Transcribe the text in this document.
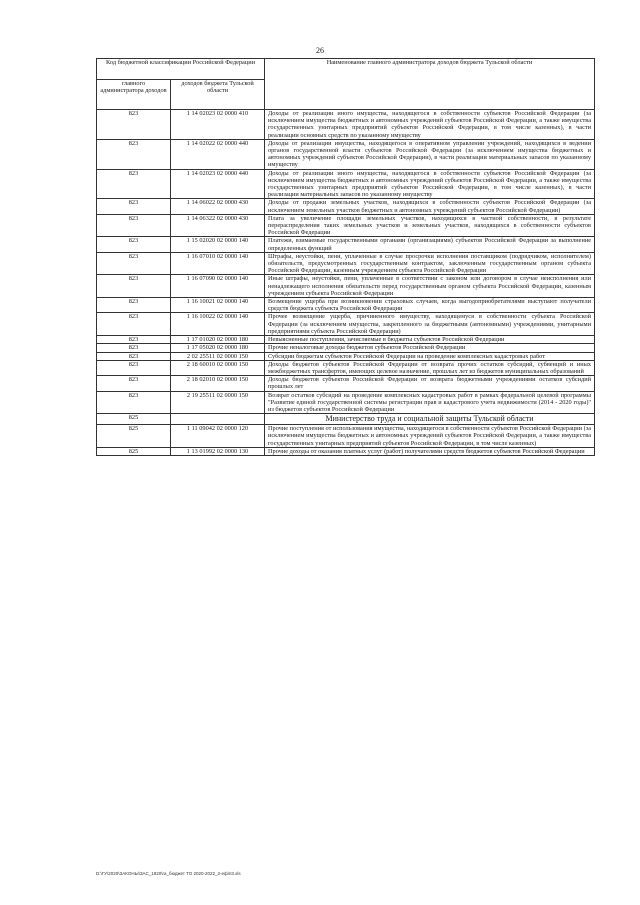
26
Код бюджетной классификации Российской Федерации		Наименование главного администратора доходов бюджета Тульской области
главного администратора доходов	доходов бюджета Тульской области	
823	1 14 02023 02 0000 410	Доходы от реализации иного имущества, находящегося в собственности субъектов Российской Федерации (за исключением имущества бюджетных и автономных учреждений субъектов Российской Федерации, а также имущества государственных унитарных предприятий субъектов Российской Федерации, в том числе казенных), в части реализации основных средств по указанному имуществу
823	1 14 02022 02 0000 440	Доходы от реализации имущества, находящегося в оперативном управлении учреждений, находящихся в ведении органов государственной власти субъектов Российской Федерации (за исключением имущества бюджетных и автономных учреждений субъектов Российской Федерации), в части реализации материальных запасов по указанному имуществу
823	1 14 02023 02 0000 440	Доходы от реализации иного имущества, находящегося в собственности субъектов Российской Федерации (за исключением имущества бюджетных и автономных учреждений субъектов Российской Федерации, а также имущества государственных унитарных предприятий субъектов Российской Федерации, в том числе казенных), в части реализации материальных запасов по указанному имуществу
823	1 14 06022 02 0000 430	Доходы от продажи земельных участков, находящихся в собственности субъектов Российской Федерации (за исключением земельных участков бюджетных и автономных учреждений субъектов Российской Федерации)
823	1 14 06322 02 0000 430	Плата за увеличение площади земельных участков, находящихся в частной собственности, в результате перераспределения таких земельных участков и земельных участков, находящихся в собственности субъектов Российской Федерации
823	1 15 02020 02 0000 140	Платежи, взимаемые государственными органами (организациями) субъектов Российской Федерации за выполнение определенных функций
823	1 16 07010 02 0000 140	Штрафы, неустойки, пени, уплаченные в случае просрочки исполнения поставщиком (подрядчиком, исполнителем) обязательств, предусмотренных государственным контрактом, заключенным государственным органом субъекта Российской Федерации, казенным учреждением субъекта Российской Федерации
823	1 16 07090 02 0000 140	Иные штрафы, неустойки, пени, уплаченные в соответствии с законом или договором в случае неисполнения или ненадлежащего исполнения обязательств перед государственным органом субъекта Российской Федерации, казенным учреждением субъекта Российской Федерации
823	1 16 10021 02 0000 140	Возмещение ущерба при возникновении страховых случаев, когда выгодоприобретателями выступают получатели средств бюджета субъекта Российской Федерации
823	1 16 10022 02 0000 140	Прочее возмещение ущерба, причиненного имуществу, находящемуся в собственности субъекта Российской Федерации (за исключением имущества, закрепленного за бюджетными (автономными) учреждениями, унитарными предприятиями субъекта Российской Федерации)
823	1 17 01020 02 0000 180	Невыясненные поступления, зачисляемые в бюджеты субъектов Российской Федерации
823	1 17 05020 02 0000 180	Прочие неналоговые доходы бюджетов субъектов Российской Федерации
823	2 02 25511 02 0000 150	Субсидии бюджетам субъектов Российской Федерации на проведение комплексных кадастровых работ
823	2 18 60010 02 0000 150	Доходы бюджетов субъектов Российской Федерации от возврата прочих остатков субсидий, субвенций и иных межбюджетных трансфертов, имеющих целевое назначение, прошлых лет из бюджетов муниципальных образований
823	2 18 02010 02 0000 150	Доходы бюджетов субъектов Российской Федерации от возврата бюджетными учреждениями остатков субсидий прошлых лет
823	2 19 25511 02 0000 150	Возврат остатков субсидий на проведение комплексных кадастровых работ в рамках федеральной целевой программы "Развитие единой государственной системы регистрации прав и кадастрового учета недвижимости (2014 - 2020 годы)" из бюджетов субъектов Российской Федерации
825		Министерство труда и социальной защиты Тульской области
825	1 11 09042 02 0000 120	Прочие поступления от использования имущества, находящегося в собственности субъектов Российской Федерации (за исключением имущества бюджетных и автономных учреждений субъектов Российской Федерации, а также имущества государственных унитарных предприятий субъектов Российской Федерации, в том числе казенных)
825	1 13 01992 02 0000 130	Прочие доходы от оказания платных услуг (работ) получателями средств бюджетов субъектов Российской Федерации
D:\ГУ\2020\ЗАКОНЫ\ЗАС_1920\га_бюджет ТО 2020-2022_2-еф\п3.xls
